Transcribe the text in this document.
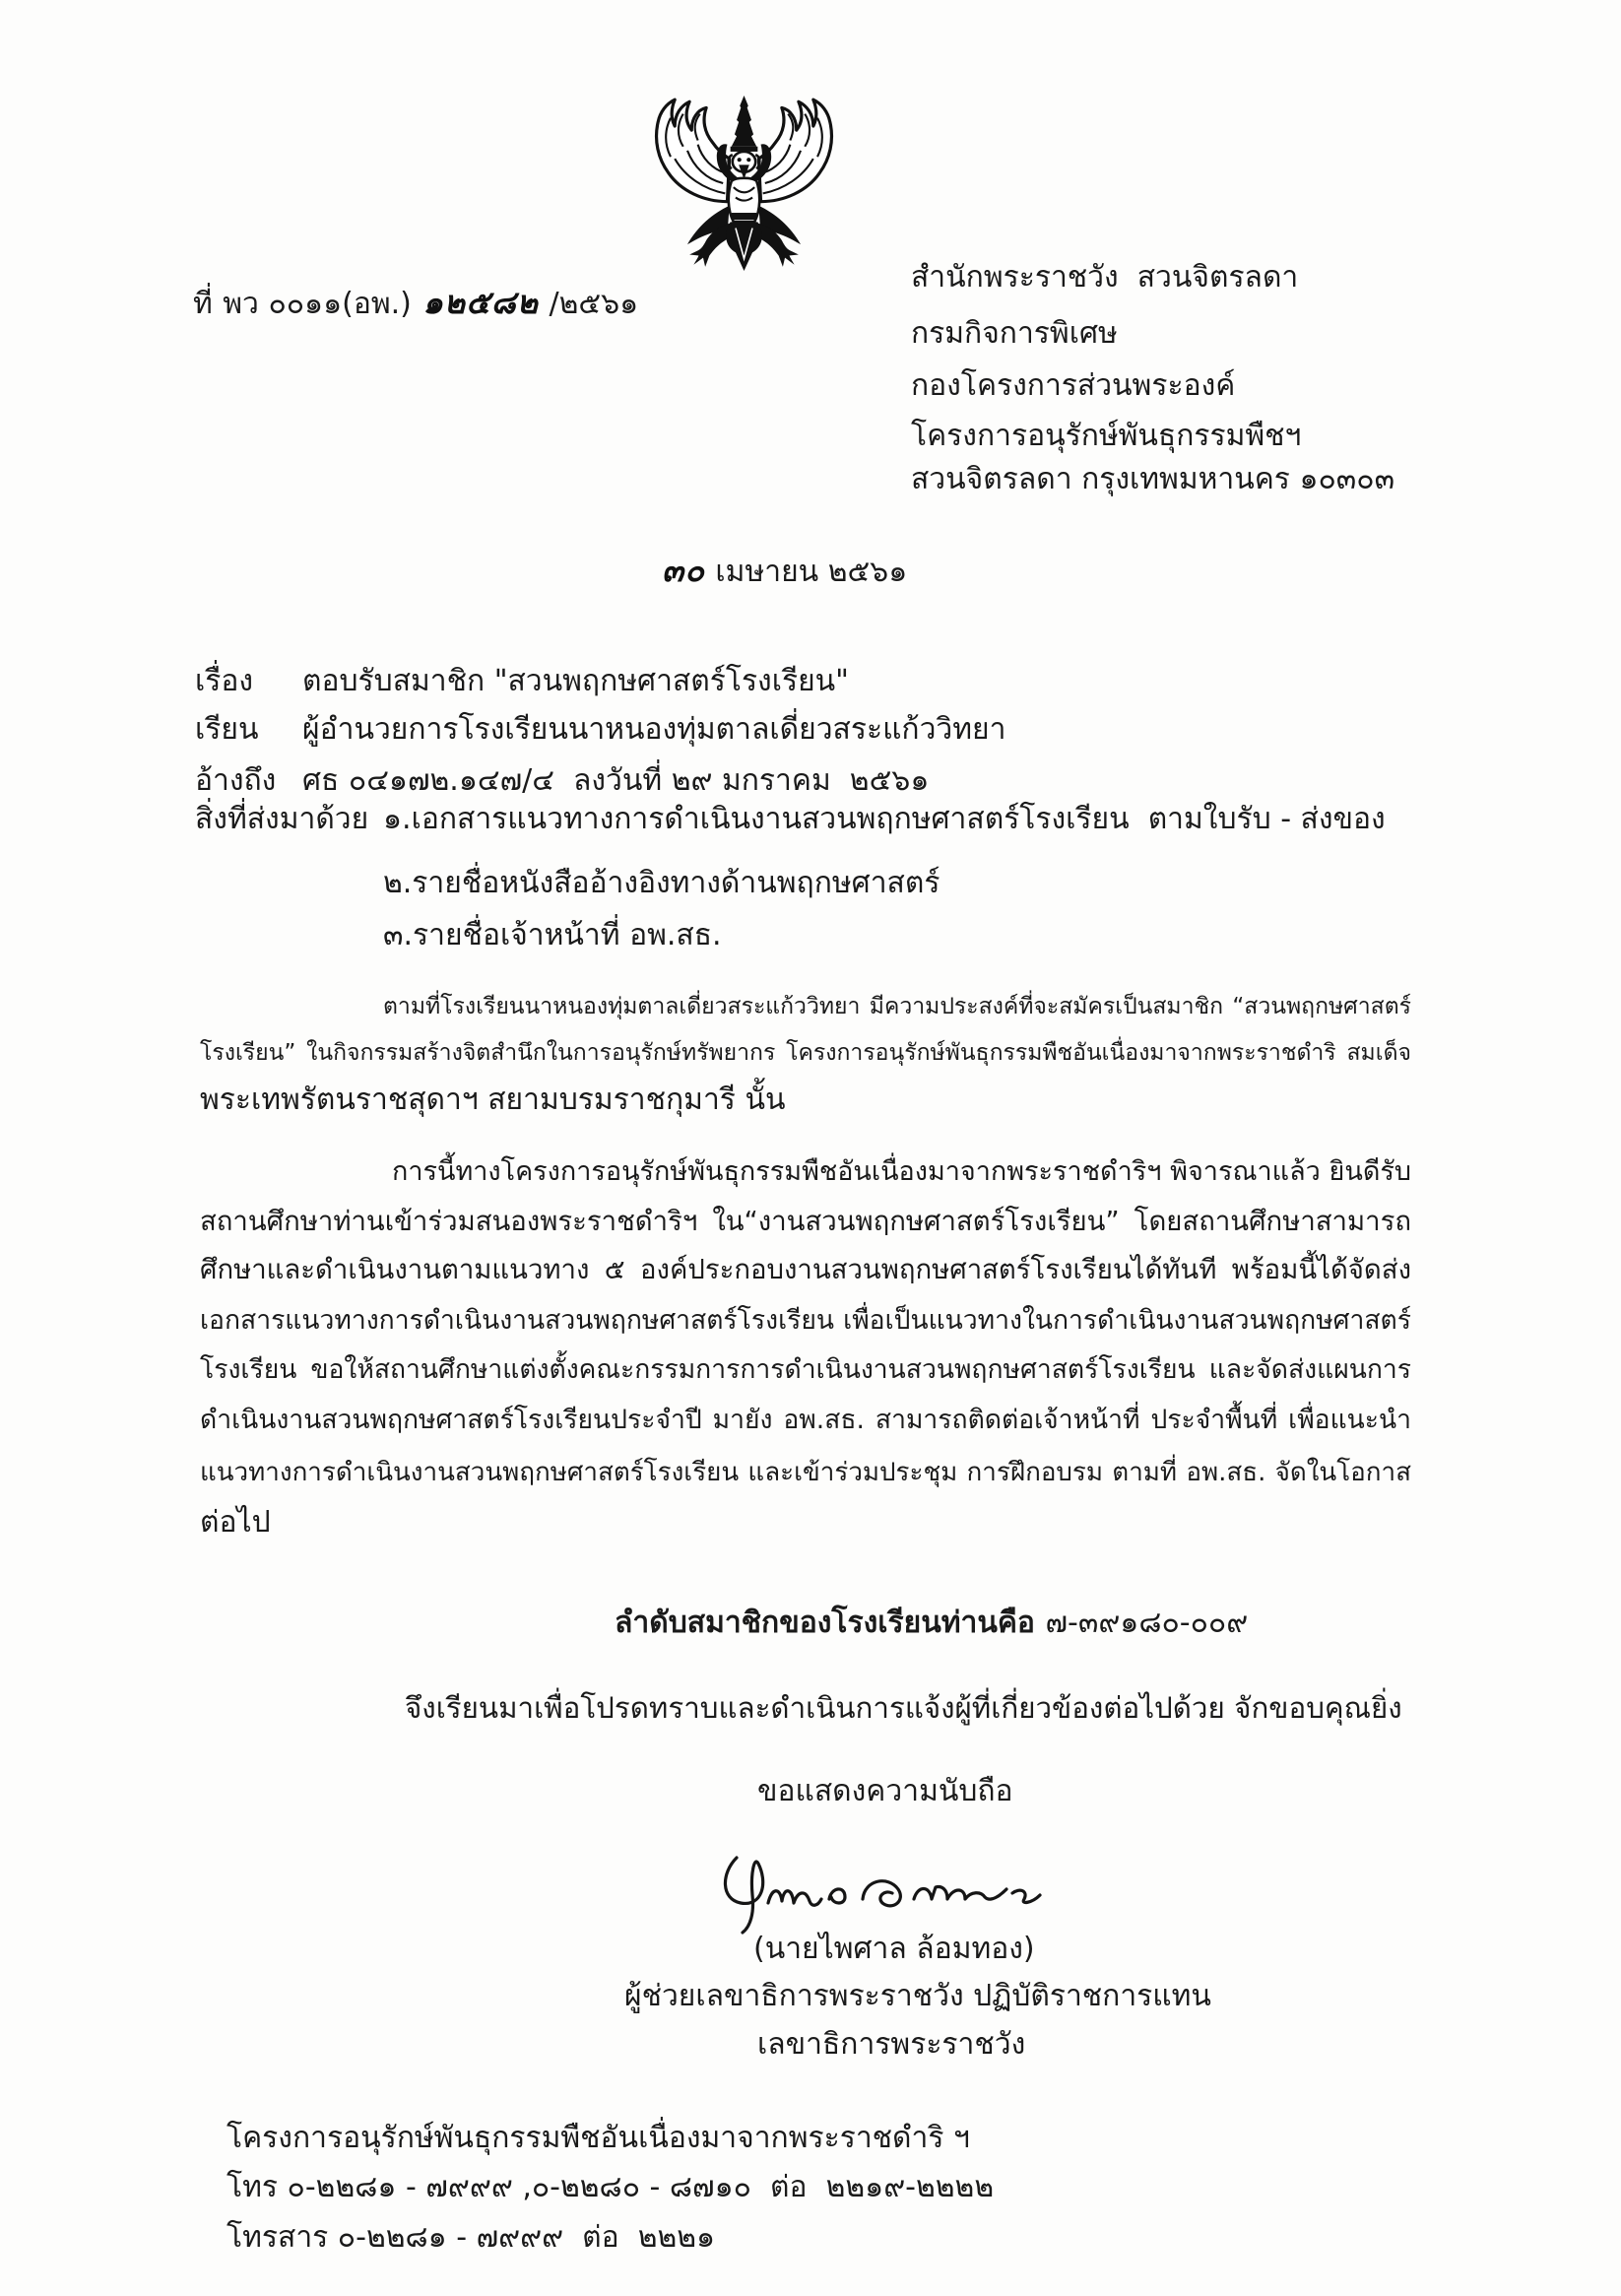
ที่ พว ๐๐๑๑(อพ.) ๑๒๕๘๒ /๒๕๖๑
สำนักพระราชวัง  สวนจิตรลดา
กรมกิจการพิเศษ
กองโครงการส่วนพระองค์
โครงการอนุรักษ์พันธุกรรมพืชฯ
สวนจิตรลดา กรุงเทพมหานคร ๑๐๓๐๓
๓๐ เมษายน ๒๕๖๑
เรื่อง	ตอบรับสมาชิก "สวนพฤกษศาสตร์โรงเรียน"
เรียน	ผู้อำนวยการโรงเรียนนาหนองทุ่มตาลเดี่ยวสระแก้ววิทยา
อ้างถึง ศธ ๐๔๑๗๒.๑๔๗/๔  ลงวันที่ ๒๙ มกราคม  ๒๕๖๑
สิ่งที่ส่งมาด้วย ๑.เอกสารแนวทางการดำเนินงานสวนพฤกษศาสตร์โรงเรียน  ตามใบรับ - ส่งของ
๒.รายชื่อหนังสืออ้างอิงทางด้านพฤกษศาสตร์
๓.รายชื่อเจ้าหน้าที่ อพ.สธ.
ตามที่โรงเรียนนาหนองทุ่มตาลเดี่ยวสระแก้ววิทยา มีความประสงค์ที่จะสมัครเป็นสมาชิก “สวนพฤกษศาสตร์
โรงเรียน” ในกิจกรรมสร้างจิตสำนึกในการอนุรักษ์ทรัพยากร โครงการอนุรักษ์พันธุกรรมพืชอันเนื่องมาจากพระราชดำริ สมเด็จ
พระเทพรัตนราชสุดาฯ สยามบรมราชกุมารี นั้น
การนี้ทางโครงการอนุรักษ์พันธุกรรมพืชอันเนื่องมาจากพระราชดำริฯ พิจารณาแล้ว ยินดีรับ
สถานศึกษาท่านเข้าร่วมสนองพระราชดำริฯ ใน“งานสวนพฤกษศาสตร์โรงเรียน” โดยสถานศึกษาสามารถ
ศึกษาและดำเนินงานตามแนวทาง ๕ องค์ประกอบงานสวนพฤกษศาสตร์โรงเรียนได้ทันที พร้อมนี้ได้จัดส่ง
เอกสารแนวทางการดำเนินงานสวนพฤกษศาสตร์โรงเรียน เพื่อเป็นแนวทางในการดำเนินงานสวนพฤกษศาสตร์
โรงเรียน ขอให้สถานศึกษาแต่งตั้งคณะกรรมการการดำเนินงานสวนพฤกษศาสตร์โรงเรียน และจัดส่งแผนการ
ดำเนินงานสวนพฤกษศาสตร์โรงเรียนประจำปี มายัง อพ.สธ. สามารถติดต่อเจ้าหน้าที่ ประจำพื้นที่ เพื่อแนะนำ
แนวทางการดำเนินงานสวนพฤกษศาสตร์โรงเรียน และเข้าร่วมประชุม การฝึกอบรม ตามที่ อพ.สธ. จัดในโอกาส
ต่อไป
ลำดับสมาชิกของโรงเรียนท่านคือ ๗-๓๙๑๘๐-๐๐๙
จึงเรียนมาเพื่อโปรดทราบและดำเนินการแจ้งผู้ที่เกี่ยวข้องต่อไปด้วย จักขอบคุณยิ่ง
ขอแสดงความนับถือ
(นายไพศาล ล้อมทอง)
ผู้ช่วยเลขาธิการพระราชวัง ปฏิบัติราชการแทน
เลขาธิการพระราชวัง
โครงการอนุรักษ์พันธุกรรมพืชอันเนื่องมาจากพระราชดำริ ฯ
โทร ๐-๒๒๘๑ - ๗๙๙๙ ,๐-๒๒๘๐ - ๘๗๑๐  ต่อ  ๒๒๑๙-๒๒๒๒
โทรสาร ๐-๒๒๘๑ - ๗๙๙๙  ต่อ  ๒๒๒๑
